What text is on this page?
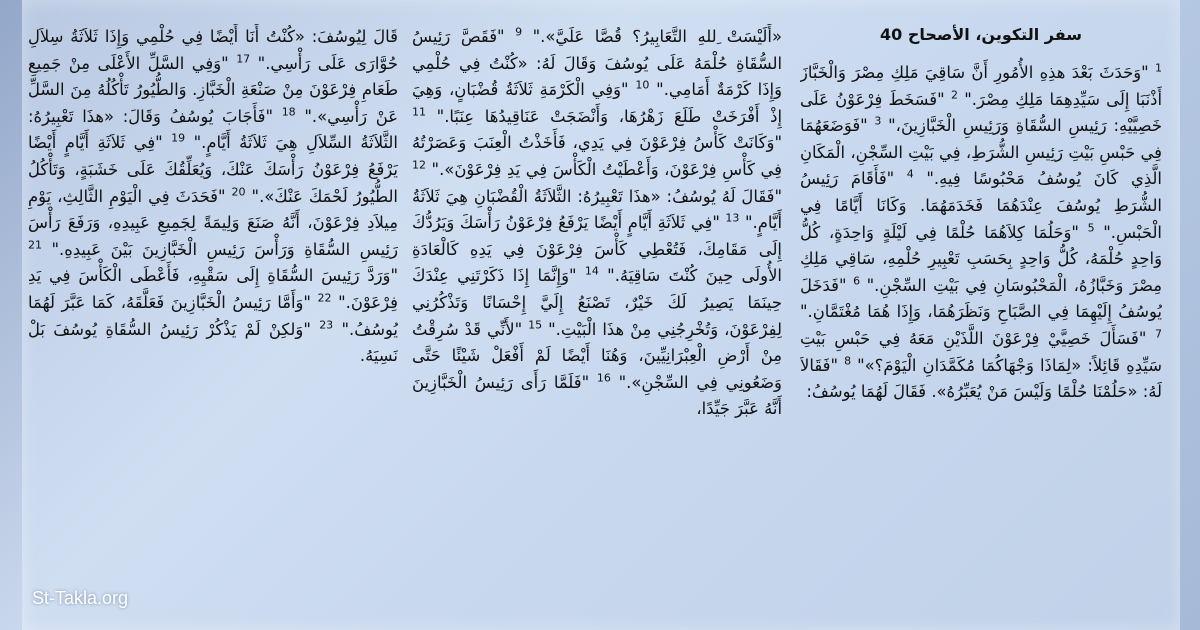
سفر التكوين، الأصحاح 40
$^1$ "وَحَدَثَ بَعْدَ هذِهِ الأُمُورِ أَنَّ سَاقِيَ مَلِكِ مِصْرَ وَالْخَبَّازَ أَذْنَبَا إِلَى سَيِّدِهِمَا مَلِكِ مِصْرَ." $^2$ "فَسَخَطَ فِرْعَوْنُ عَلَى خَصِيَّيْهِ: رَئِيسِ السُّقَاةِ وَرَئِيسِ الْخَبَّازِينَ،" $^3$ "فَوَضَعَهُمَا فِي حَبْسِ بَيْتِ رَئِيسِ الشُّرَطِ، فِي بَيْتِ السِّجْنِ، الْمَكَانِ الَّذِي كَانَ يُوسُفُ مَحْبُوسًا فِيهِ." $^4$ "فَأَقَامَ رَئِيسُ الشُّرَطِ يُوسُفَ عِنْدَهُمَا فَخَدَمَهُمَا. وَكَانَا أَيَّامًا فِي الْحَبْسِ." $^5$ "وَحَلُمَا كِلاَهُمَا حُلْمًا فِي لَيْلَةٍ وَاحِدَةٍ، كُلُّ وَاحِدٍ حُلْمَهُ، كُلُّ وَاحِدٍ بِحَسَبِ تَعْبِيرِ حُلْمِهِ، سَاقِي مَلِكِ مِصْرَ وَخَبَّازُهُ، الْمَحْبُوسَانِ فِي بَيْتِ السِّجْنِ." $^6$ "فَدَخَلَ يُوسُفُ إِلَيْهِمَا فِي الصَّبَاحِ وَنَظَرَهُمَا، وَإِذَا هُمَا مُغْتَمَّانِ." $^7$ "فَسَأَلَ خَصِيَّيْ فِرْعَوْنَ اللَّذَيْنِ مَعَهُ فِي حَبْسِ بَيْتِ سَيِّدِهِ قَائِلاً: «لِمَاذَا وَجْهَاكُمَا مُكَمَّدَانِ الْيَوْمَ؟»" $^8$ "فَقَالاَ لَهُ: «حَلُمْنَا حُلْمًا وَلَيْسَ مَنْ يُعَبِّرُهُ». فَقَالَ لَهُمَا يُوسُفُ:
«أَلَيْسَتْ ِللهِ التَّعَابِيرُ؟ قُصَّا عَلَيَّ»." $^9$ "فَقَصَّ رَئِيسُ السُّقَاةِ حُلْمَهُ عَلَى يُوسُفَ وَقَالَ لَهُ: «كُنْتُ فِي حُلْمِي وَإِذَا كَرْمَةٌ أَمَامِي." $^{10}$ "وَفِي الْكَرْمَةِ ثَلاَثَةُ قُضْبَانٍ، وَهِيَ إِذْ أَفْرَخَتْ طَلَعَ زَهْرُهَا، وَأَنْضَجَتْ عَنَاقِيدُهَا عِنَبًا." $^{11}$ "وَكَانَتْ كَأْسُ فِرْعَوْنَ فِي يَدِي، فَأَخَذْتُ الْعِنَبَ وَعَصَرْتُهُ فِي كَأْسِ فِرْعَوْنَ، وَأَعْطَيْتُ الْكَأْسَ فِي يَدِ فِرْعَوْنَ»." $^{12}$ "فَقَالَ لَهُ يُوسُفُ: «هذَا تَعْبِيرُهُ: الثَّلاَثَةُ الْقُضْبَانِ هِيَ ثَلاَثَةُ أَيَّامٍ." $^{13}$ "فِي ثَلاَثَةِ أَيَّامٍ أَيْضًا يَرْفَعُ فِرْعَوْنُ رَأْسَكَ وَيَرُدُّكَ إِلَى مَقَامِكَ، فَتُعْطِي كَأْسَ فِرْعَوْنَ فِي يَدِهِ كَالْعَادَةِ الأُولَى حِينَ كُنْتَ سَاقِيَهُ." $^{14}$ "وَإِنَّمَا إِذَا ذَكَرْتَنِي عِنْدَكَ حِينَمَا يَصِيرُ لَكَ خَيْرٌ، تَصْنَعُ إِلَيَّ إِحْسَانًا وَتَذْكُرُنِي لِفِرْعَوْنَ، وَتُخْرِجُنِي مِنْ هذَا الْبَيْتِ." $^{15}$ "لأَنِّي قَدْ سُرِقْتُ مِنْ أَرْضِ الْعِبْرَانِيِّينَ، وَهُنَا أَيْضًا لَمْ أَفْعَلْ شَيْئًا حَتَّى وَضَعُونِي فِي السِّجْنِ»." $^{16}$ "فَلَمَّا رَأَى رَئِيسُ الْخَبَّازِينَ أَنَّهُ عَبَّرَ جَيِّدًا،
قَالَ لِيُوسُفَ: «كُنْتُ أَنَا أَيْضًا فِي حُلْمِي وَإِذَا ثَلاَثَةُ سِلاَلِ حُوَّارَى عَلَى رَأْسِي." $^{17}$ "وَفِي السَّلِّ الأَعْلَى مِنْ جَمِيعِ طَعَامِ فِرْعَوْنَ مِنْ صَنْعَةِ الْخَبَّازِ. وَالطُّيُورُ تَأْكُلُهُ مِنَ السَّلِّ عَنْ رَأْسِي»." $^{18}$ "فَأَجَابَ يُوسُفُ وَقَالَ: «هذَا تَعْبِيرُهُ: الثَّلاَثَةُ السِّلاَلِ هِيَ ثَلاَثَةُ أَيَّامٍ." $^{19}$ "فِي ثَلاَثَةِ أَيَّامٍ أَيْضًا يَرْفَعُ فِرْعَوْنُ رَأْسَكَ عَنْكَ، وَيُعَلِّقُكَ عَلَى خَشَبَةٍ، وَتَأْكُلُ الطُّيُورُ لَحْمَكَ عَنْكَ»." $^{20}$ "فَحَدَثَ فِي الْيَوْمِ الثَّالِثِ، يَوْمِ مِيلاَدِ فِرْعَوْنَ، أَنَّهُ صَنَعَ وَلِيمَةً لِجَمِيعِ عَبِيدِهِ، وَرَفَعَ رَأْسَ رَئِيسِ السُّقَاةِ وَرَأْسَ رَئِيسِ الْخَبَّازِينَ بَيْنَ عَبِيدِهِ." $^{21}$ "وَرَدَّ رَئِيسَ السُّقَاةِ إِلَى سَقْيِهِ، فَأَعْطَى الْكَأْسَ فِي يَدِ فِرْعَوْنَ." $^{22}$ "وَأَمَّا رَئِيسُ الْخَبَّازِينَ فَعَلَّقَهُ، كَمَا عَبَّرَ لَهُمَا يُوسُفُ." $^{23}$ "وَلكِنْ لَمْ يَذْكُرْ رَئِيسُ السُّقَاةِ يُوسُفَ بَلْ نَسِيَهُ.
St-Takla.org
